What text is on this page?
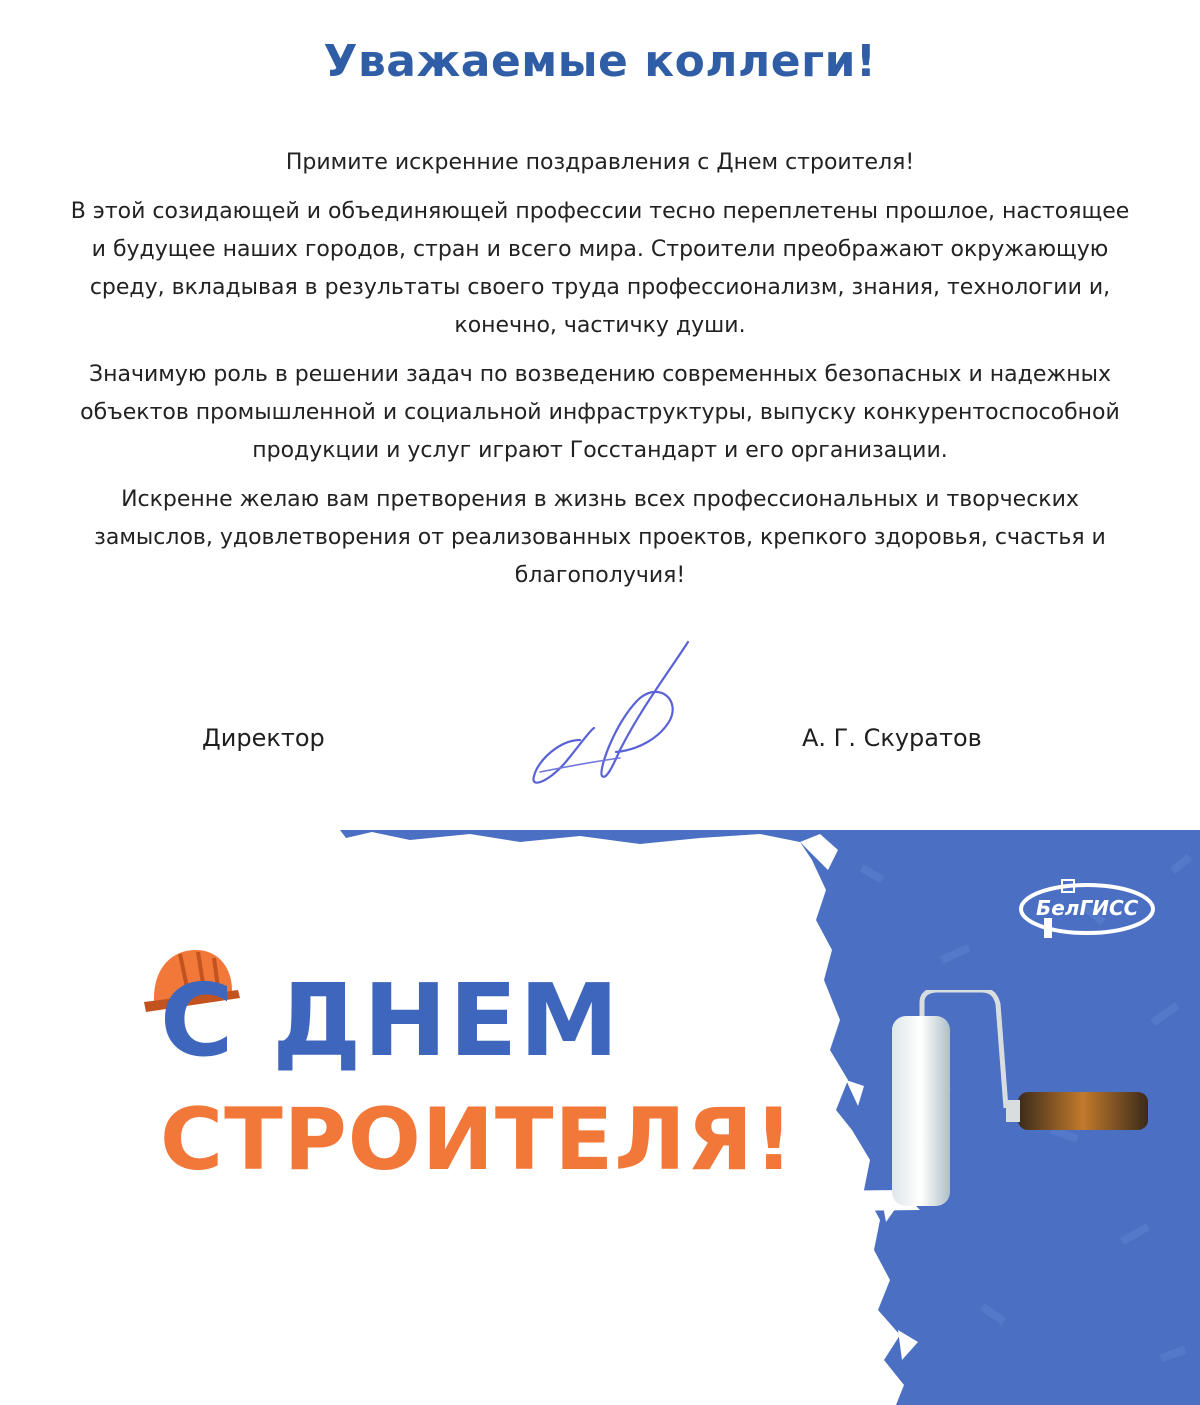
Уважаемые коллеги!

Примите искренние поздравления с Днем строителя!

В этой созидающей и объединяющей профессии тесно переплетены прошлое, настоящее и будущее наших городов, стран и всего мира. Строители преображают окружающую среду, вкладывая в результаты своего труда профессионализм, знания, технологии и, конечно, частичку души.

Значимую роль в решении задач по возведению современных безопасных и надежных объектов промышленной и социальной инфраструктуры, выпуску конкурентоспособной продукции и услуг играют Госстандарт и его организации.

Искренне желаю вам претворения в жизнь всех профессиональных и творческих замыслов, удовлетворения от реализованных проектов, крепкого здоровья, счастья и благополучия!

Директор	А. Г. Скуратов
БелГИСС
С ДНЕМ
СТРОИТЕЛЯ!
